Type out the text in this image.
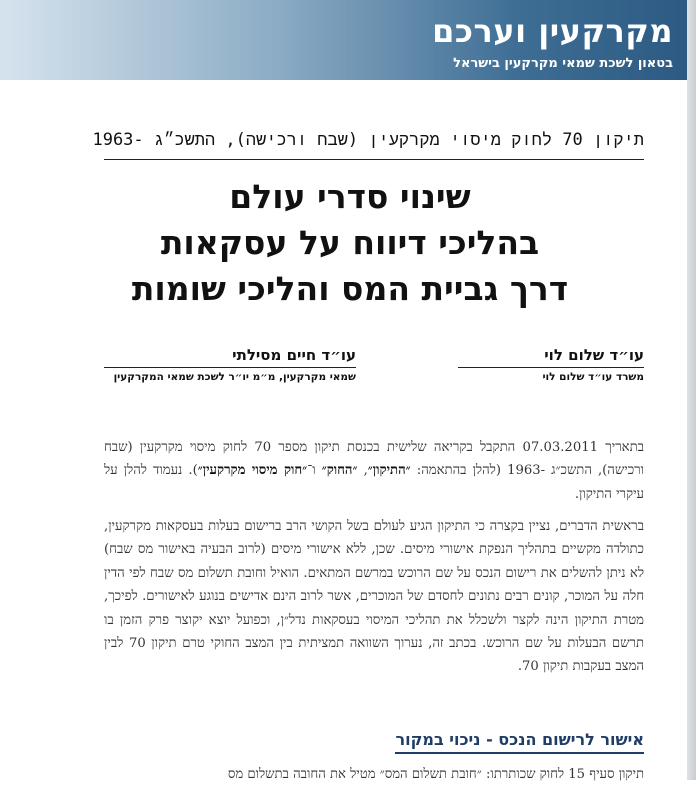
מקרקעין וערכם
בטאון לשכת שמאי מקרקעין בישראל
תיקון 70 לחוק מיסוי מקרקעין (שבח ורכישה), התשכ״ג -1963
שינוי סדרי עולם
בהליכי דיווח על עסקאות
דרך גביית המס והליכי שומות
עו״ד שלום לוי
משרד עו״ד שלום לוי
עו״ד חיים מסילתי
שמאי מקרקעין, מ״מ יו״ר לשכת שמאי המקרקעין

בתאריך 07.03.2011 התקבל בקריאה שלישית בכנסת תיקון מספר 70 לחוק מיסוי מקרקעין (שבח ורכישה), התשכ״ג -1963 (להלן בהתאמה: ״התיקון״, ״החוק״ ו־״חוק מיסוי מקרקעין״). נעמוד להלן על עיקרי התיקון.

בראשית הדברים, נציין בקצרה כי התיקון הגיע לעולם בשל הקושי הרב ברישום בעלות בעסקאות מקרקעין, כתולדה מקשיים בתהליך הנפקת אישורי מיסים. שכן, ללא אישורי מיסים (לרוב הבעיה באישור מס שבח) לא ניתן להשלים את רישום הנכס על שם הרוכש במרשם המתאים. הואיל וחובת תשלום מס שבח לפי הדין חלה על המוכר, קונים רבים נתונים לחסדם של המוכרים, אשר לרוב הינם אדישים בנוגע לאישורים. לפיכך, מטרת התיקון הינה לקצר ולשכלל את תהליכי המיסוי בעסקאות נדל״ן, וכפועל יוצא יקוצר פרק הזמן בו תרשם הבעלות על שם הרוכש. בכתב זה, נערוך השוואה תמציתית בין המצב החוקי טרם תיקון 70 לבין המצב בעקבות תיקון 70.

אישור לרישום הנכס - ניכוי במקור

תיקון סעיף 15 לחוק שכותרתו: ״חובת תשלום המס״ מטיל את החובה בתשלום מס
